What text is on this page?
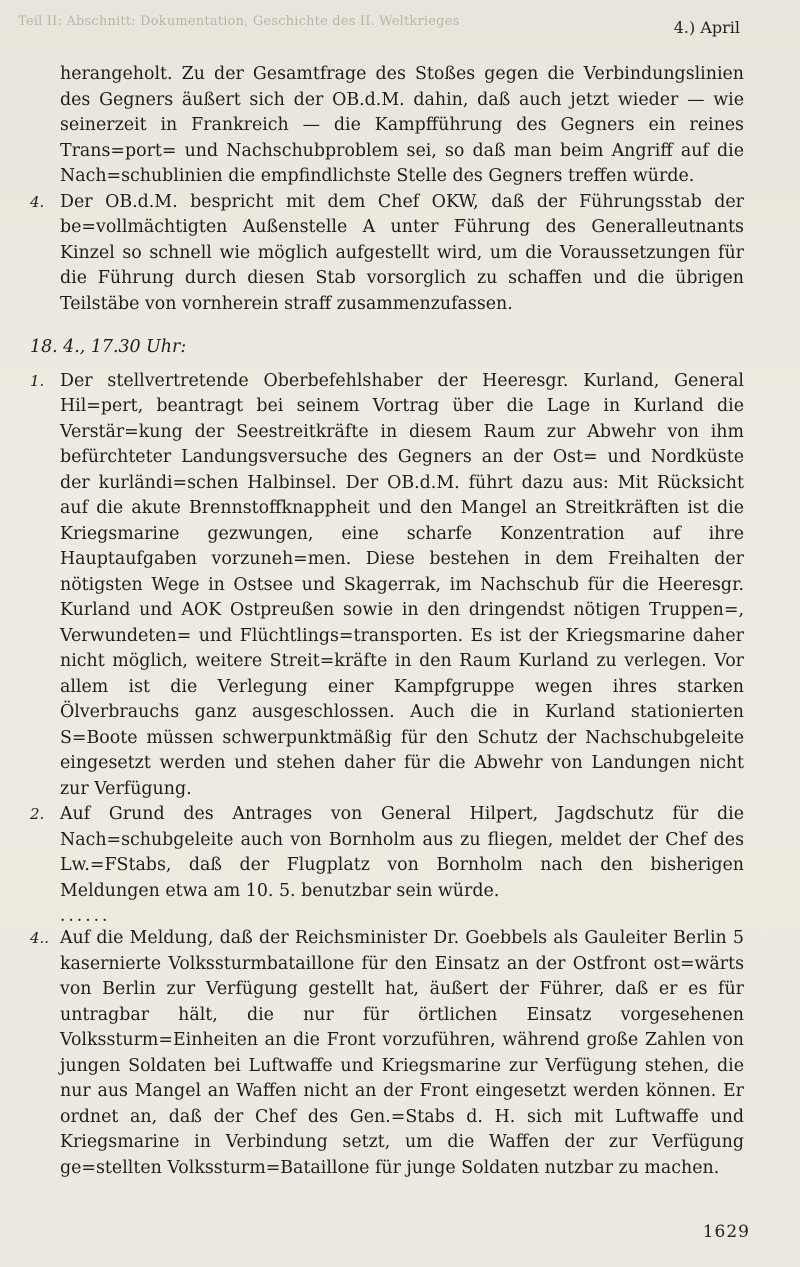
Teil II: Abschnitt: Dokumentation, Geschichte des II. Weltkrieges	4.) April

herangeholt. Zu der Gesamtfrage des Stoßes gegen die Verbindungslinien des Gegners äußert sich der OB.d.M. dahin, daß auch jetzt wieder — wie seinerzeit in Frankreich — die Kampfführung des Gegners ein reines Trans=port= und Nachschubproblem sei, so daß man beim Angriff auf die Nach=schublinien die empfindlichste Stelle des Gegners treffen würde.

4. Der OB.d.M. bespricht mit dem Chef OKW, daß der Führungsstab der be=vollmächtigten Außenstelle A unter Führung des Generalleutnants Kinzel so schnell wie möglich aufgestellt wird, um die Voraussetzungen für die Führung durch diesen Stab vorsorglich zu schaffen und die übrigen Teilstäbe von vornherein straff zusammenzufassen.

18. 4., 17.30 Uhr:

1. Der stellvertretende Oberbefehlshaber der Heeresgr. Kurland, General Hil=pert, beantragt bei seinem Vortrag über die Lage in Kurland die Verstär=kung der Seestreitkräfte in diesem Raum zur Abwehr von ihm befürchteter Landungsversuche des Gegners an der Ost= und Nordküste der kurländi=schen Halbinsel. Der OB.d.M. führt dazu aus: Mit Rücksicht auf die akute Brennstoffknappheit und den Mangel an Streitkräften ist die Kriegsmarine gezwungen, eine scharfe Konzentration auf ihre Hauptaufgaben vorzuneh=men. Diese bestehen in dem Freihalten der nötigsten Wege in Ostsee und Skagerrak, im Nachschub für die Heeresgr. Kurland und AOK Ostpreußen sowie in den dringendst nötigen Truppen=, Verwundeten= und Flüchtlings=transporten. Es ist der Kriegsmarine daher nicht möglich, weitere Streit=kräfte in den Raum Kurland zu verlegen. Vor allem ist die Verlegung einer Kampfgruppe wegen ihres starken Ölverbrauchs ganz ausgeschlossen. Auch die in Kurland stationierten S=Boote müssen schwerpunktmäßig für den Schutz der Nachschubgeleite eingesetzt werden und stehen daher für die Abwehr von Landungen nicht zur Verfügung.

2. Auf Grund des Antrages von General Hilpert, Jagdschutz für die Nach=schubgeleite auch von Bornholm aus zu fliegen, meldet der Chef des Lw.=FStabs, daß der Flugplatz von Bornholm nach den bisherigen Meldungen etwa am 10. 5. benutzbar sein würde.

......

4.. Auf die Meldung, daß der Reichsminister Dr. Goebbels als Gauleiter Berlin 5 kasernierte Volkssturmbataillone für den Einsatz an der Ostfront ost=wärts von Berlin zur Verfügung gestellt hat, äußert der Führer, daß er es für untragbar hält, die nur für örtlichen Einsatz vorgesehenen Volkssturm=Einheiten an die Front vorzuführen, während große Zahlen von jungen Soldaten bei Luftwaffe und Kriegsmarine zur Verfügung stehen, die nur aus Mangel an Waffen nicht an der Front eingesetzt werden können. Er ordnet an, daß der Chef des Gen.=Stabs d. H. sich mit Luftwaffe und Kriegsmarine in Verbindung setzt, um die Waffen der zur Verfügung ge=stellten Volkssturm=Bataillone für junge Soldaten nutzbar zu machen.

1629
